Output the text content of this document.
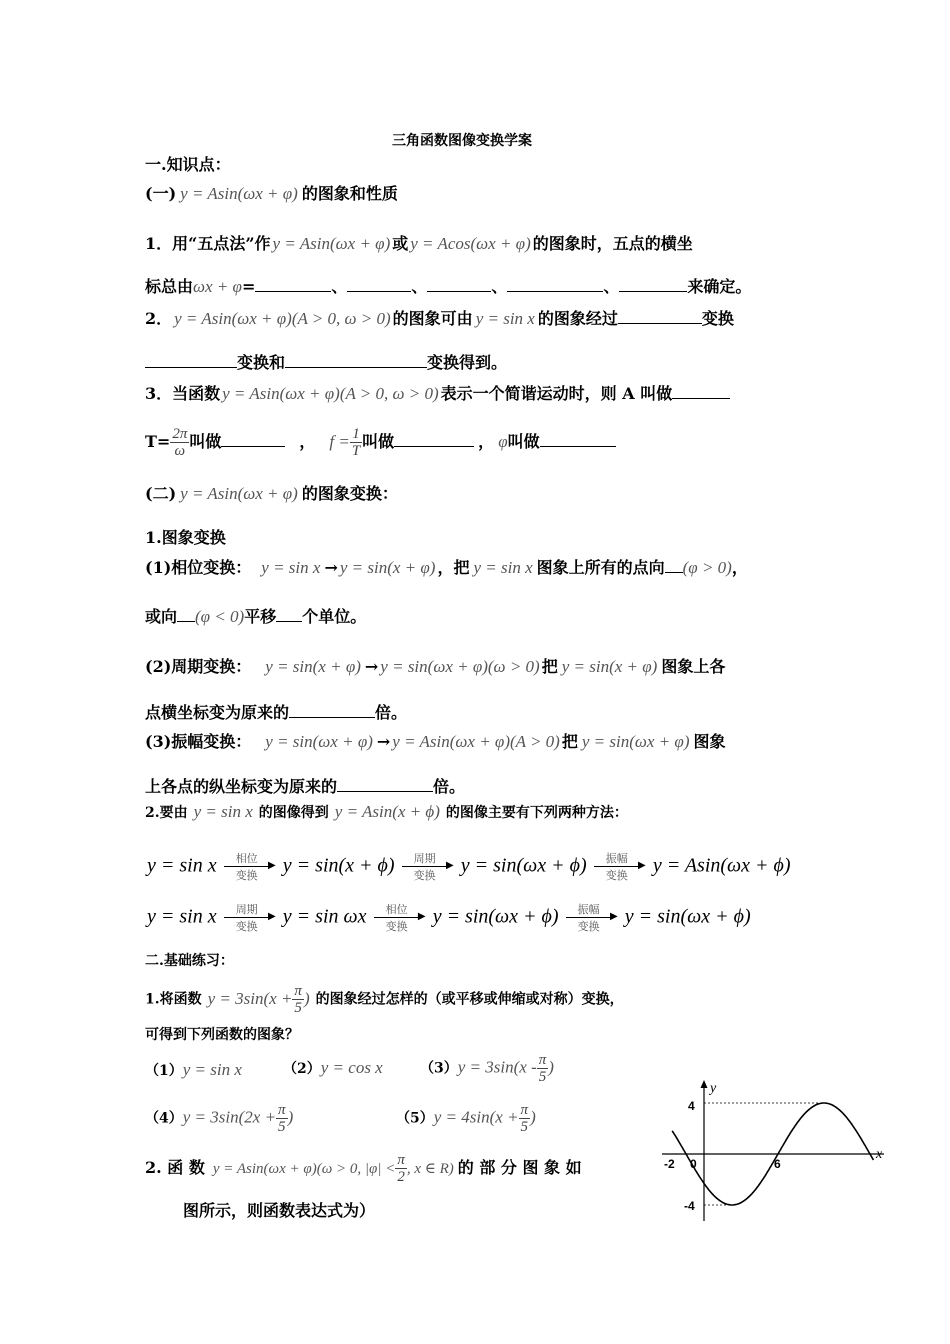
三角函数图像变换学案
一.知识点：
(一) y = Asin(ωx + φ) 的图象和性质
1．用“五点法”作 y = Asin(ωx + φ) 或 y = Acos(ωx + φ) 的图象时，五点的横坐
标总由ωx + φ=	、	、	、	、	来确定。
2． y = Asin(ωx + φ)(A > 0, ω > 0) 的图象可由 y = sin x 的图象经过	变换
变换和	变换得到。
3．当函数 y = Asin(ωx + φ)(A > 0, ω > 0) 表示一个简谐运动时，则 A 叫做
$T= \frac{2\pi}{\omega}$ 叫做	， $f = \frac{1}{T}$ 叫做	， φ叫做
(二) y = Asin(ωx + φ) 的图象变换：
1.图象变换
(1)相位变换： y = sin x → y = sin(x + φ) ，把 y = sin x 图象上所有的点向 (φ > 0)，
或向 (φ < 0)平移 个单位。
(2)周期变换： y = sin(x + φ) → y = sin(ωx + φ)(ω > 0) 把 y = sin(x + φ) 图象上各
点横坐标变为原来的	倍。
(3)振幅变换： y = sin(ωx + φ) → y = Asin(ωx + φ)(A > 0) 把 y = sin(ωx + φ) 图象
上各点的纵坐标变为原来的	倍。
2.要由 y = sin x 的图像得到 y = Asin(x + ϕ) 的图像主要有下列两种方法：
y = sin x 相位
▶
变换 y = sin(x + ϕ) 周期
▶
变换 y = sin(ωx + ϕ) 振幅
▶
变换 y = Asin(ωx + ϕ)
y = sin x 周期
▶
变换 y = sin ωx 相位
▶
变换 y = sin(ωx + ϕ) 振幅
▶
变换 y = sin(ωx + ϕ)
二.基础练习：
1.将函数 $y = 3\sin(x + \frac{\pi}{5}$ ) 的图象经过怎样的（或平移或伸缩或对称）变换，
可得到下列函数的图象？
（1）y = sin x	（2）y = cos x	$(3)y = 3\sin(x - \frac{\pi}{5}$ )
$(4)y = 3\sin(2x + \frac{\pi}{5}$ )	$(5)y = 4\sin(x + \frac{\pi}{5}$ )
2. 函 数 y = Asin(ωx + φ)(ω > 0, $|\varphi| < \frac{\pi}{2}$ , x ∈ R) 的 部 分 图 象 如
图所示，则函数表达式为）
y
x
4
-4
-2 0	6
